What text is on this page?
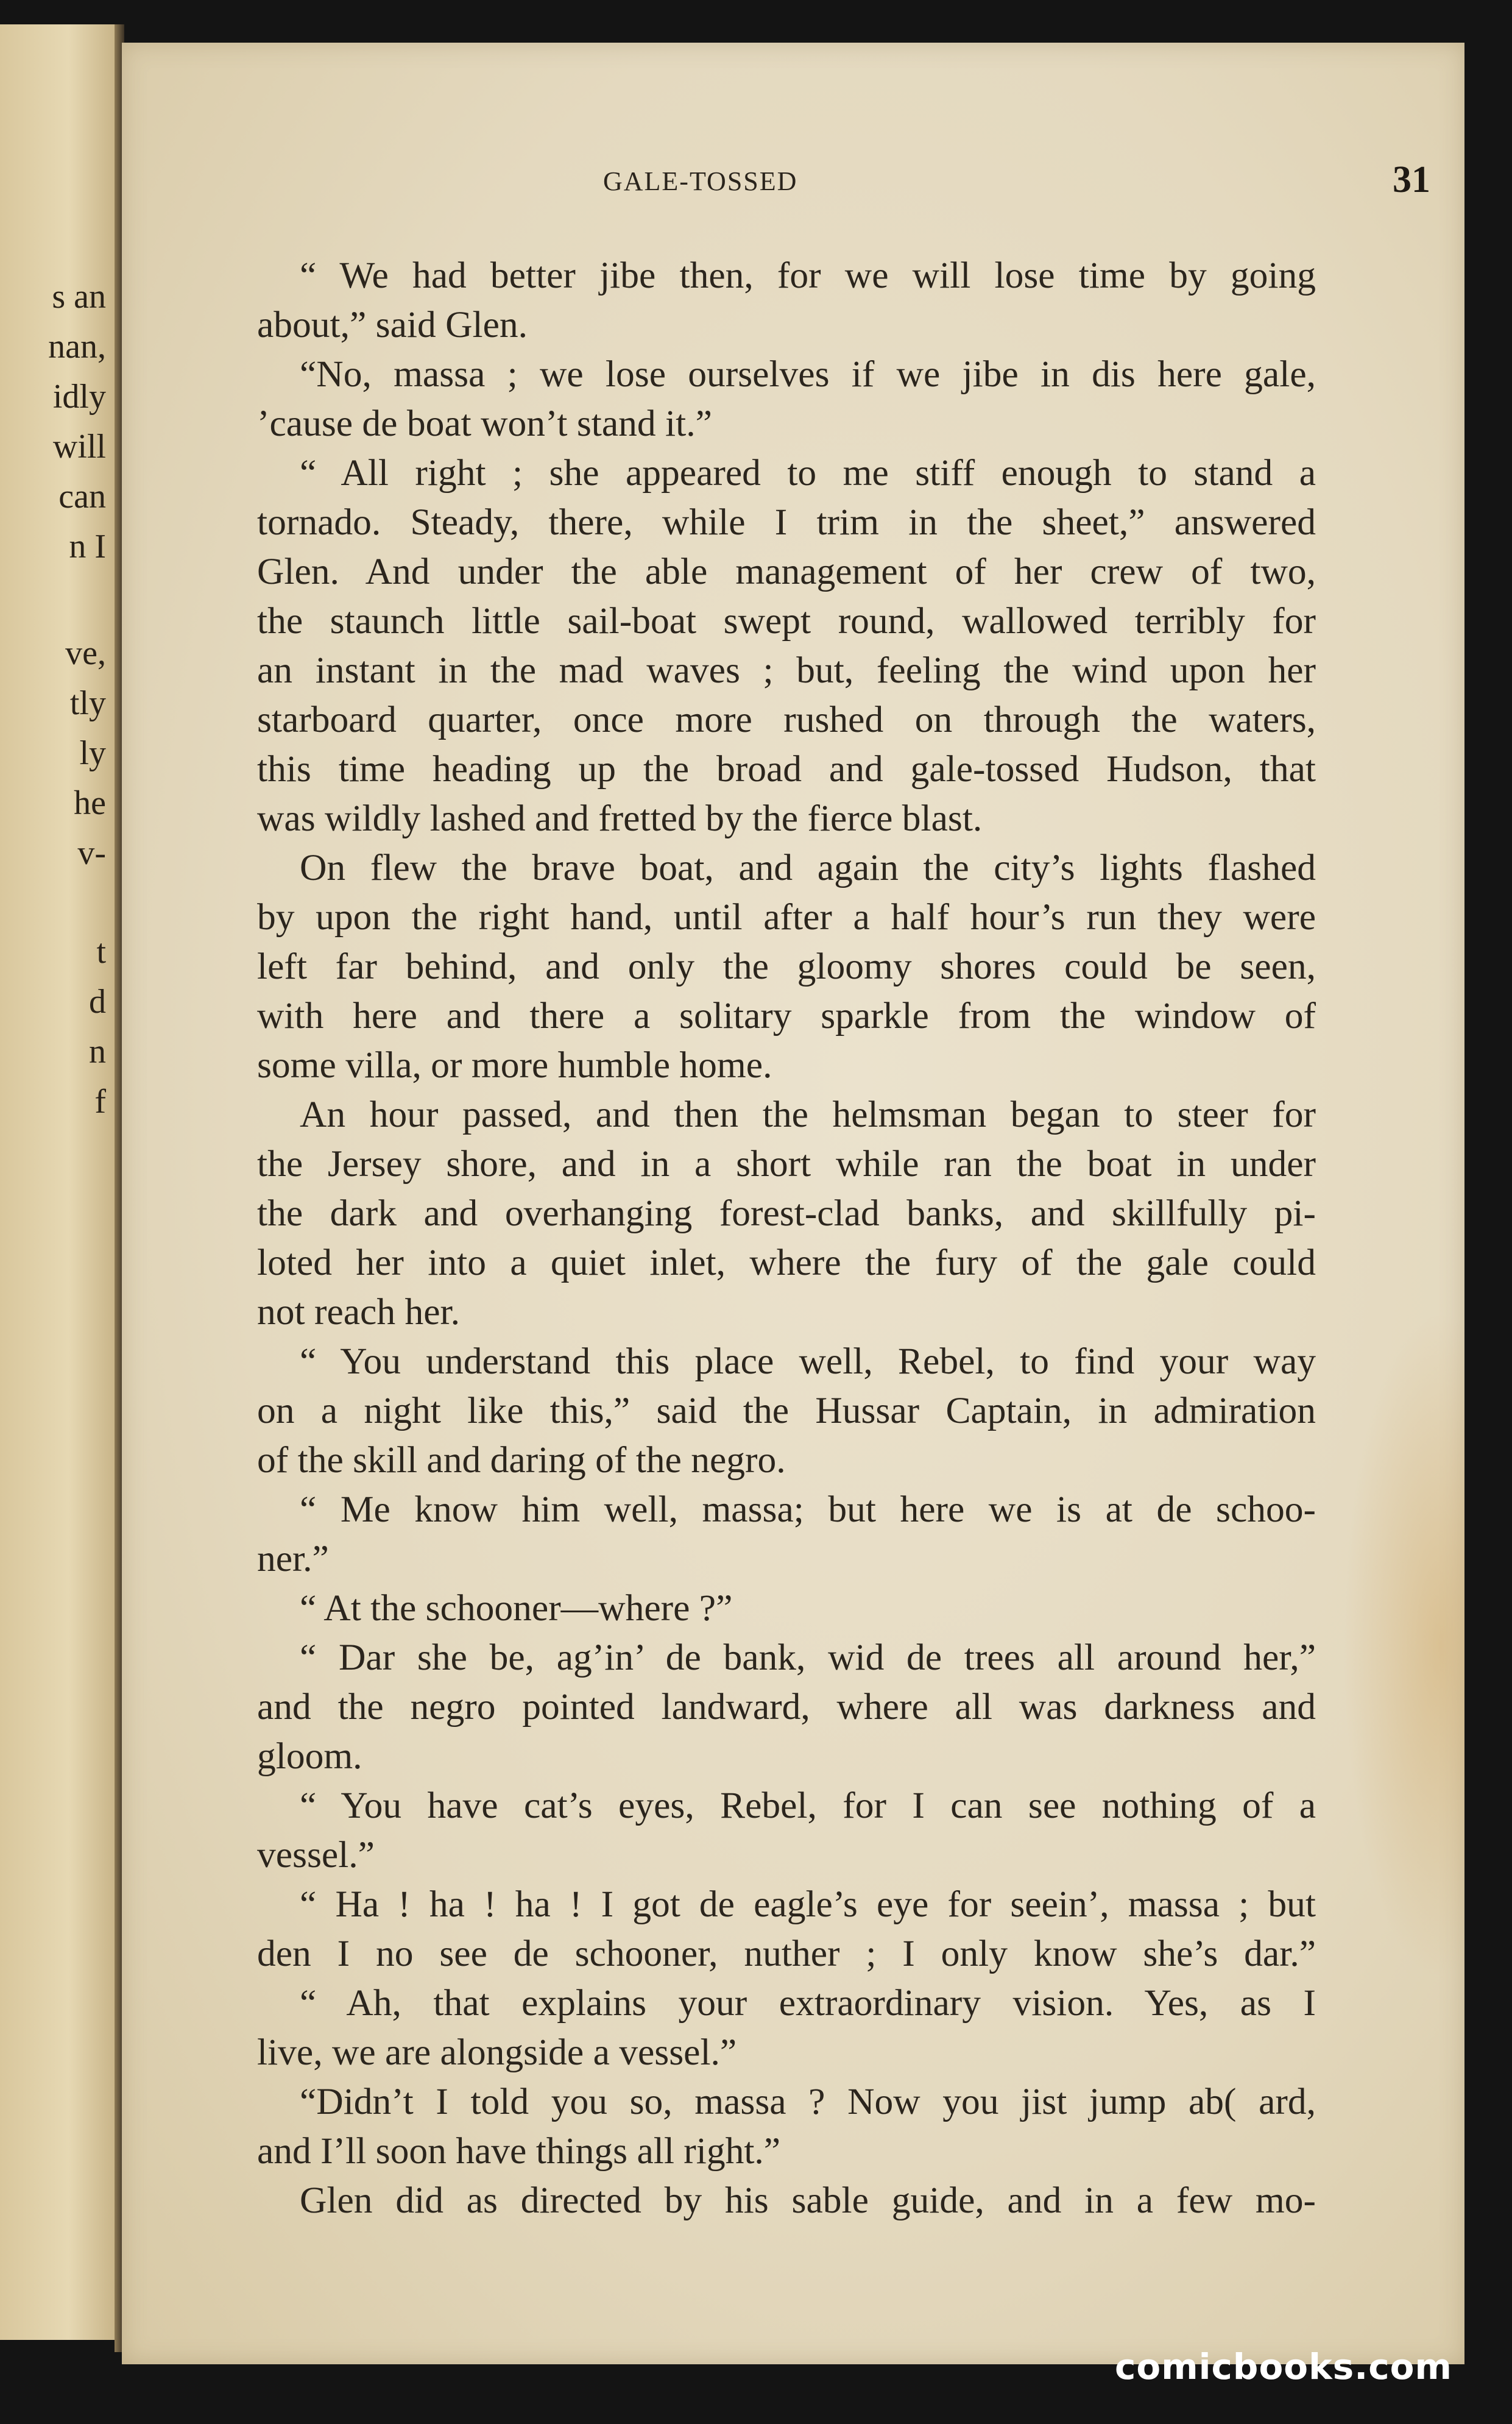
s an
nan,
idly
will
can
n I
ve,
tly
ly
he
v-
t
d
n
f
GALE-TOSSED	31
“ We had better jibe then, for we will lose time by going
about,” said Glen.
“No, massa ; we lose ourselves if we jibe in dis here gale,
’cause de boat won’t stand it.”
“ All right ; she appeared to me stiff enough to stand a
tornado. Steady, there, while I trim in the sheet,” answered
Glen. And under the able management of her crew of two,
the staunch little sail-boat swept round, wallowed terribly for
an instant in the mad waves ; but, feeling the wind upon her
starboard quarter, once more rushed on through the waters,
this time heading up the broad and gale-tossed Hudson, that
was wildly lashed and fretted by the fierce blast.
On flew the brave boat, and again the city’s lights flashed
by upon the right hand, until after a half hour’s run they were
left far behind, and only the gloomy shores could be seen,
with here and there a solitary sparkle from the window of
some villa, or more humble home.
An hour passed, and then the helmsman began to steer for
the Jersey shore, and in a short while ran the boat in under
the dark and overhanging forest-clad banks, and skillfully pi-
loted her into a quiet inlet, where the fury of the gale could
not reach her.
“ You understand this place well, Rebel, to find your way
on a night like this,” said the Hussar Captain, in admiration
of the skill and daring of the negro.
“ Me know him well, massa; but here we is at de schoo-
ner.”
“ At the schooner—where ?”
“ Dar she be, ag’in’ de bank, wid de trees all around her,”
and the negro pointed landward, where all was darkness and
gloom.
“ You have cat’s eyes, Rebel, for I can see nothing of a
vessel.”
“ Ha ! ha ! ha ! I got de eagle’s eye for seein’, massa ; but
den I no see de schooner, nuther ; I only know she’s dar.”
“ Ah, that explains your extraordinary vision. Yes, as I
live, we are alongside a vessel.”
“Didn’t I told you so, massa ? Now you jist jump ab( ard,
and I’ll soon have things all right.”
Glen did as directed by his sable guide, and in a few mo-
comicbooks.com
